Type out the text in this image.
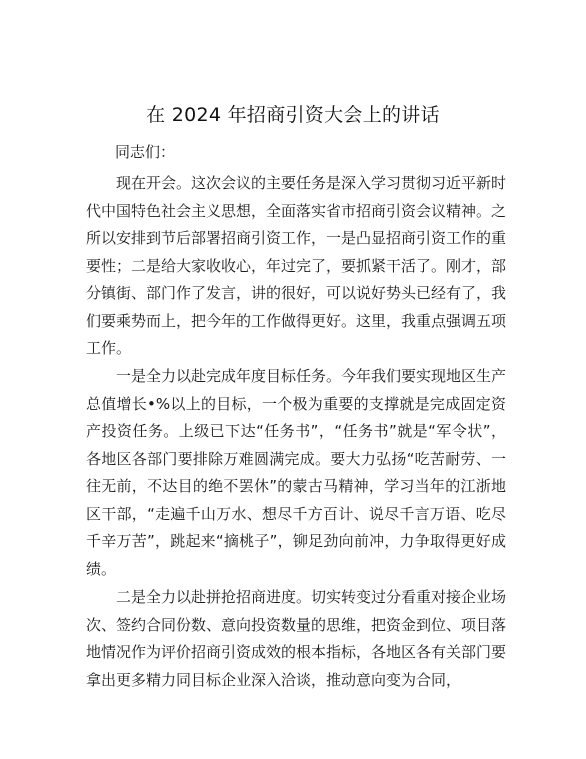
在 2024 年招商引资大会上的讲话
同志们：

现在开会。这次会议的主要任务是深入学习贯彻习近平新时代中国特色社会主义思想，全面落实省市招商引资会议精神。之所以安排到节后部署招商引资工作，一是凸显招商引资工作的重要性；二是给大家收收心，年过完了，要抓紧干活了。刚才，部分镇街、部门作了发言，讲的很好，可以说好势头已经有了，我们要乘势而上，把今年的工作做得更好。这里，我重点强调五项工作。

一是全力以赴完成年度目标任务。今年我们要实现地区生产总值增长•%以上的目标，一个极为重要的支撑就是完成固定资产投资任务。上级已下达“任务书”，“任务书”就是“军令状”，各地区各部门要排除万难圆满完成。要大力弘扬“吃苦耐劳、一往无前，不达目的绝不罢休”的蒙古马精神，学习当年的江浙地区干部，“走遍千山万水、想尽千方百计、说尽千言万语、吃尽千辛万苦”，跳起来“摘桃子”，铆足劲向前冲，力争取得更好成绩。

二是全力以赴拼抢招商进度。切实转变过分看重对接企业场次、签约合同份数、意向投资数量的思维，把资金到位、项目落地情况作为评价招商引资成效的根本指标，各地区各有关部门要拿出更多精力同目标企业深入洽谈，推动意向变为合同，
